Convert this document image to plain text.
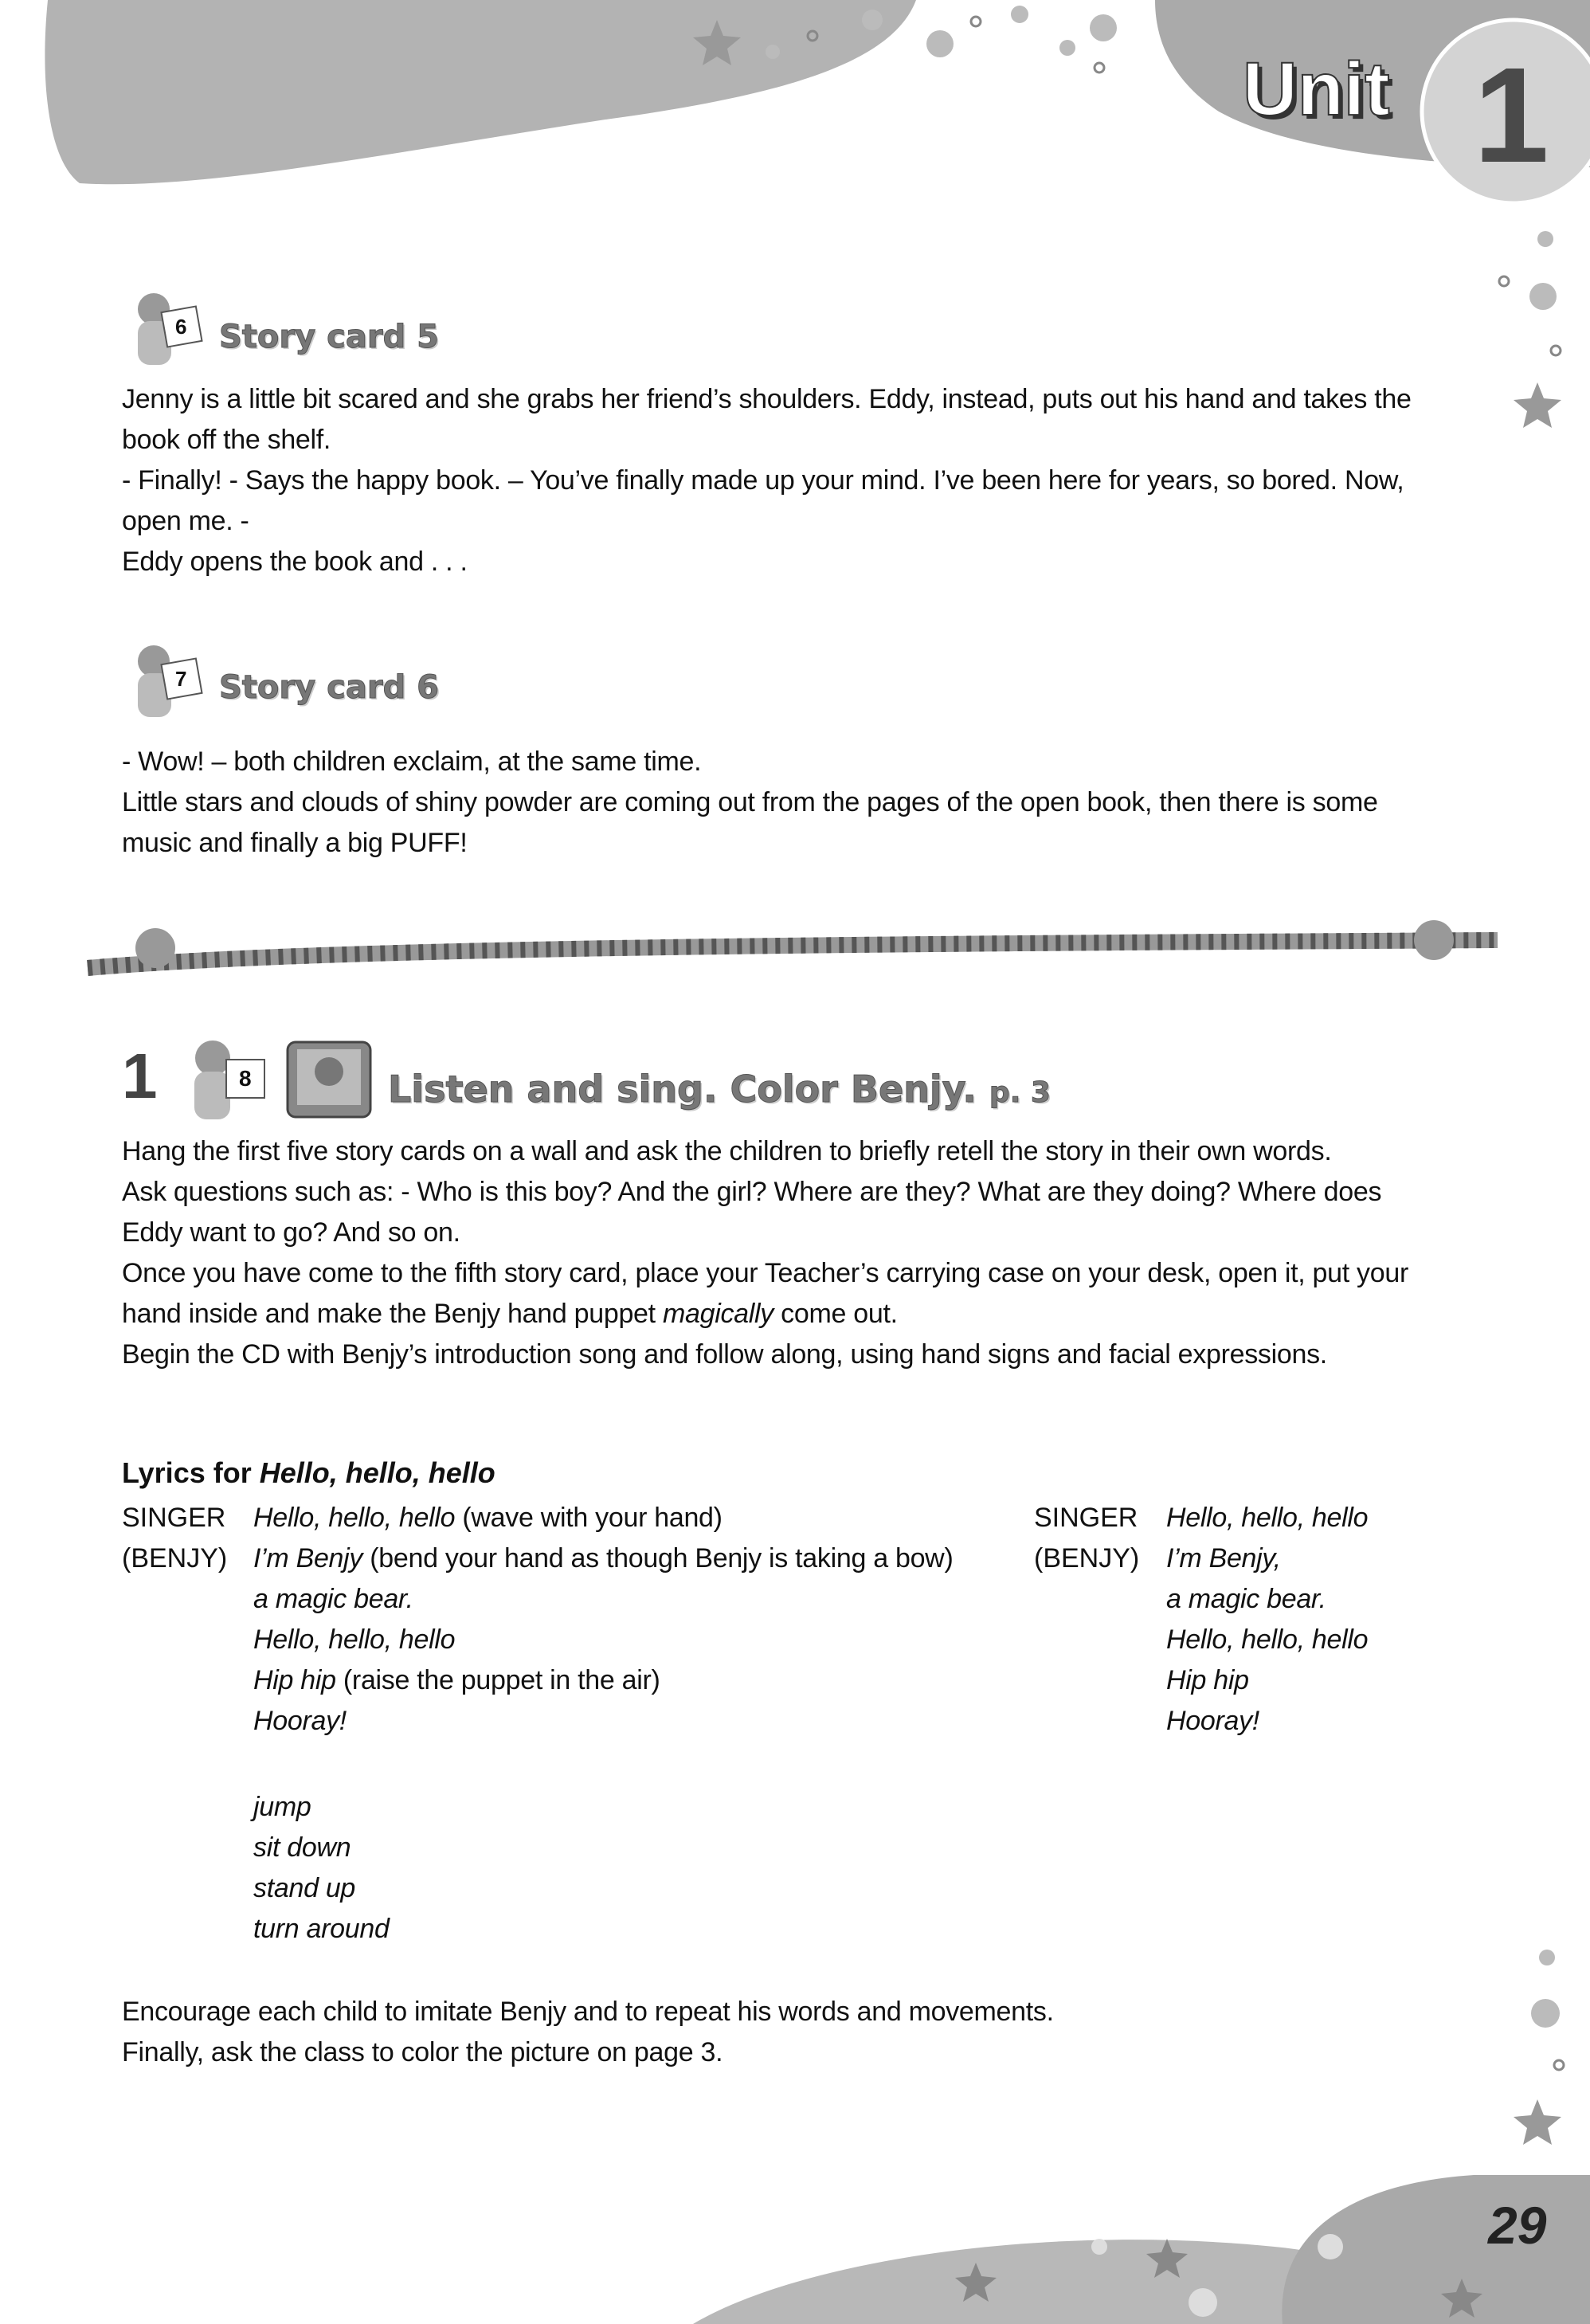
Unit 1
6 Story card 5
Jenny is a little bit scared and she grabs her friend’s shoulders. Eddy, instead, puts out his hand and takes the book off the shelf.
- Finally! - Says the happy book. – You’ve finally made up your mind. I’ve been here for years, so bored. Now, open me. -
Eddy opens the book and . . .
7 Story card 6
- Wow! – both children exclaim, at the same time.
Little stars and clouds of shiny powder are coming out from the pages of the open book, then there is some music and finally a big PUFF!
1	8	Listen and sing. Color Benjy. p. 3
Hang the first five story cards on a wall and ask the children to briefly retell the story in their own words.
Ask questions such as: - Who is this boy? And the girl? Where are they? What are they doing? Where does Eddy want to go? And so on.
Once you have come to the fifth story card, place your Teacher’s carrying case on your desk, open it, put your hand inside and make the Benjy hand puppet magically come out.
Begin the CD with Benjy’s introduction song and follow along, using hand signs and facial expressions.
Lyrics for Hello, hello, hello
SINGER
(BENJY)
Hello, hello, hello (wave with your hand)
I’m Benjy (bend your hand as though Benjy is taking a bow)
a magic bear.
Hello, hello, hello
Hip hip (raise the puppet in the air)
Hooray!
SINGER
(BENJY)
Hello, hello, hello
I’m Benjy,
a magic bear.
Hello, hello, hello
Hip hip
Hooray!
jump
sit down
stand up
turn around
Encourage each child to imitate Benjy and to repeat his words and movements.
Finally, ask the class to color the picture on page 3.
29
